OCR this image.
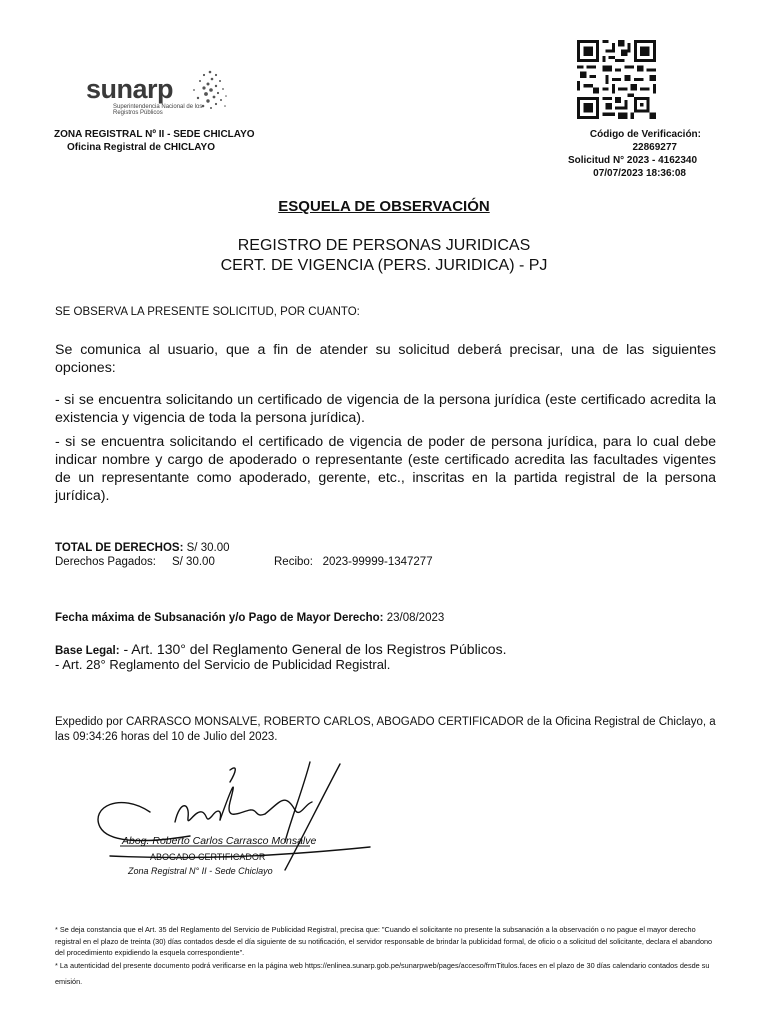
sunarp
Superintendencia Nacional de los Registros Públicos
ZONA REGISTRAL Nº II - SEDE CHICLAYO
Oficina Registral de CHICLAYO
Código de Verificación:
22869277
Solicitud N° 2023 - 4162340
07/07/2023 18:36:08
ESQUELA DE OBSERVACIÓN
REGISTRO DE PERSONAS JURIDICAS
CERT. DE VIGENCIA (PERS. JURIDICA) - PJ
SE OBSERVA LA PRESENTE SOLICITUD, POR CUANTO:
Se comunica al usuario, que a fin de atender su solicitud deberá precisar, una de las siguientes opciones:
- si se encuentra solicitando un certificado de vigencia de la persona jurídica (este certificado acredita la existencia y vigencia de toda la persona jurídica).
- si se encuentra solicitando el certificado de vigencia de poder de persona jurídica, para lo cual debe indicar nombre y cargo de apoderado o representante (este certificado acredita las facultades vigentes de un representante como apoderado, gerente, etc., inscritas en la partida registral de la persona jurídica).
TOTAL DE DERECHOS: S/ 30.00
Derechos Pagados: S/ 30.00	Recibo: 2023-99999-1347277
Fecha máxima de Subsanación y/o Pago de Mayor Derecho: 23/08/2023
Base Legal: - Art. 130° del Reglamento General de los Registros Públicos.
- Art. 28° Reglamento del Servicio de Publicidad Registral.
Expedido por CARRASCO MONSALVE, ROBERTO CARLOS, ABOGADO CERTIFICADOR de la Oficina Registral de Chiclayo, a las 09:34:26 horas del 10 de Julio del 2023.
Abog. Roberto Carlos Carrasco Monsalve
ABOGADO CERTIFICADOR
Zona Registral N° II - Sede Chiclayo
* Se deja constancia que el Art. 35 del Reglamento del Servicio de Publicidad Registral, precisa que: "Cuando el solicitante no presente la subsanación a la observación o no pague el mayor derecho registral en el plazo de treinta (30) días contados desde el día siguiente de su notificación, el servidor responsable de brindar la publicidad formal, de oficio o a solicitud del solicitante, declara el abandono del procedimiento expidiendo la esquela correspondiente".
* La autenticidad del presente documento podrá verificarse en la página web https://enlinea.sunarp.gob.pe/sunarpweb/pages/acceso/frmTitulos.faces en el plazo de 30 días calendario contados desde su emisión.
